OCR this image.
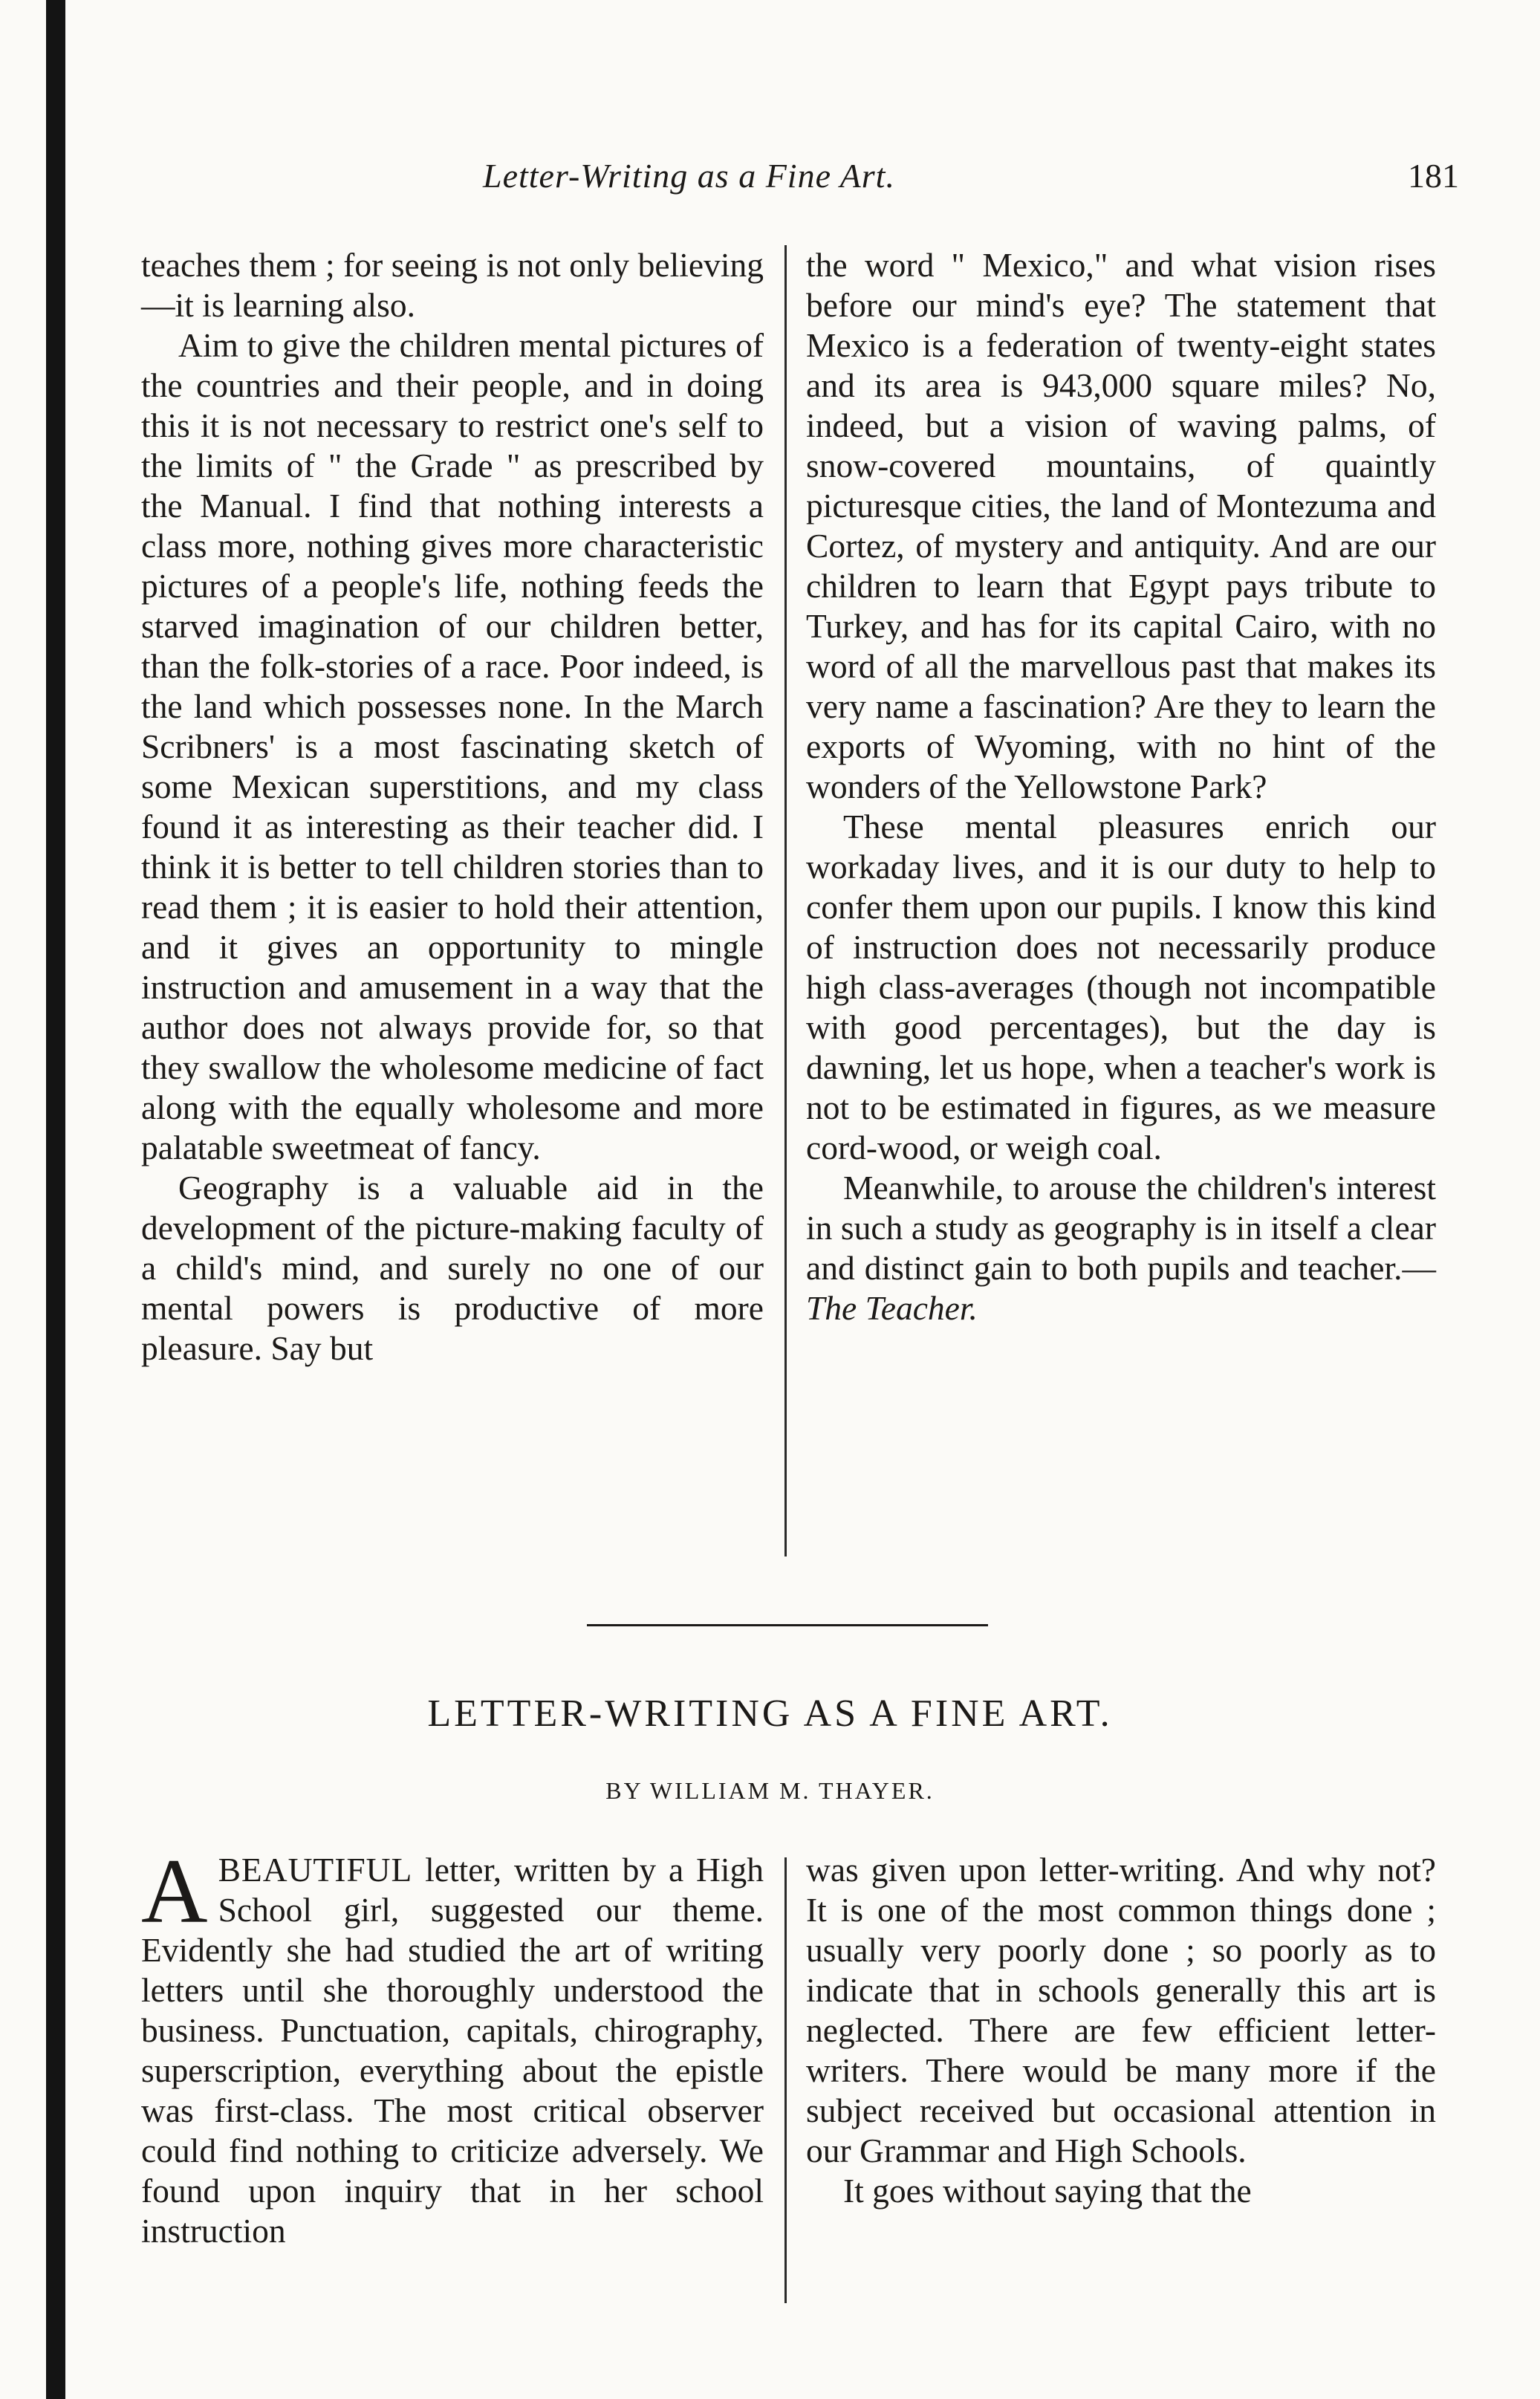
Letter-Writing as a Fine Art.	181

teaches them ; for seeing is not only believing—it is learning also.

Aim to give the children mental pictures of the countries and their people, and in doing this it is not necessary to restrict one's self to the limits of " the Grade " as prescribed by the Manual. I find that nothing interests a class more, nothing gives more characteristic pictures of a people's life, nothing feeds the starved imagination of our children better, than the folk-stories of a race. Poor indeed, is the land which possesses none. In the March Scribners' is a most fascinating sketch of some Mexican superstitions, and my class found it as interesting as their teacher did. I think it is better to tell children stories than to read them ; it is easier to hold their attention, and it gives an opportunity to mingle instruction and amusement in a way that the author does not always provide for, so that they swallow the wholesome medicine of fact along with the equally wholesome and more palatable sweetmeat of fancy.

Geography is a valuable aid in the development of the picture-making faculty of a child's mind, and surely no one of our mental powers is productive of more pleasure. Say but

the word " Mexico," and what vision rises before our mind's eye? The statement that Mexico is a federation of twenty-eight states and its area is 943,000 square miles? No, indeed, but a vision of waving palms, of snow-covered mountains, of quaintly picturesque cities, the land of Montezuma and Cortez, of mystery and antiquity. And are our children to learn that Egypt pays tribute to Turkey, and has for its capital Cairo, with no word of all the marvellous past that makes its very name a fascination? Are they to learn the exports of Wyoming, with no hint of the wonders of the Yellowstone Park?

These mental pleasures enrich our workaday lives, and it is our duty to help to confer them upon our pupils. I know this kind of instruction does not necessarily produce high class-averages (though not incompatible with good percentages), but the day is dawning, let us hope, when a teacher's work is not to be estimated in figures, as we measure cord-wood, or weigh coal.

Meanwhile, to arouse the children's interest in such a study as geography is in itself a clear and distinct gain to both pupils and teacher.—The Teacher.

LETTER-WRITING AS A FINE ART.
BY WILLIAM M. THAYER.

ABEAUTIFUL letter, written by a High School girl, suggested our theme. Evidently she had studied the art of writing letters until she thoroughly understood the business. Punctuation, capitals, chirography, superscription, everything about the epistle was first-class. The most critical observer could find nothing to criticize adversely. We found upon inquiry that in her school instruction

was given upon letter-writing. And why not? It is one of the most common things done ; usually very poorly done ; so poorly as to indicate that in schools generally this art is neglected. There are few efficient letter-writers. There would be many more if the subject received but occasional attention in our Grammar and High Schools.

It goes without saying that the
